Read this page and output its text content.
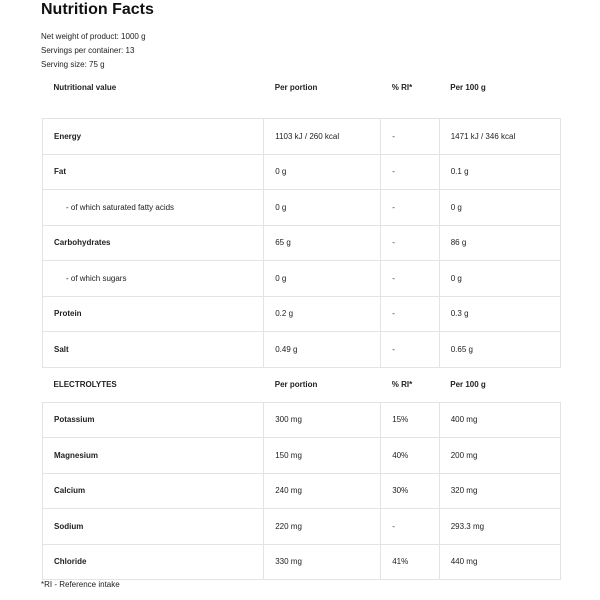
Nutrition Facts
Net weight of product: 1000 g
Servings per container: 13
Serving size: 75 g
Nutritional value	Per portion	% RI*	Per 100 g
Energy	1103 kJ / 260 kcal	-	1471 kJ / 346 kcal
Fat	0 g	-	0.1 g
- of which saturated fatty acids	0 g	-	0 g
Carbohydrates	65 g	-	86 g
- of which sugars	0 g	-	0 g
Protein	0.2 g	-	0.3 g
Salt	0.49 g	-	0.65 g
ELECTROLYTES	Per portion	% RI*	Per 100 g
Potassium	300 mg	15%	400 mg
Magnesium	150 mg	40%	200 mg
Calcium	240 mg	30%	320 mg
Sodium	220 mg	-	293.3 mg
Chloride	330 mg	41%	440 mg
*RI - Reference intake
